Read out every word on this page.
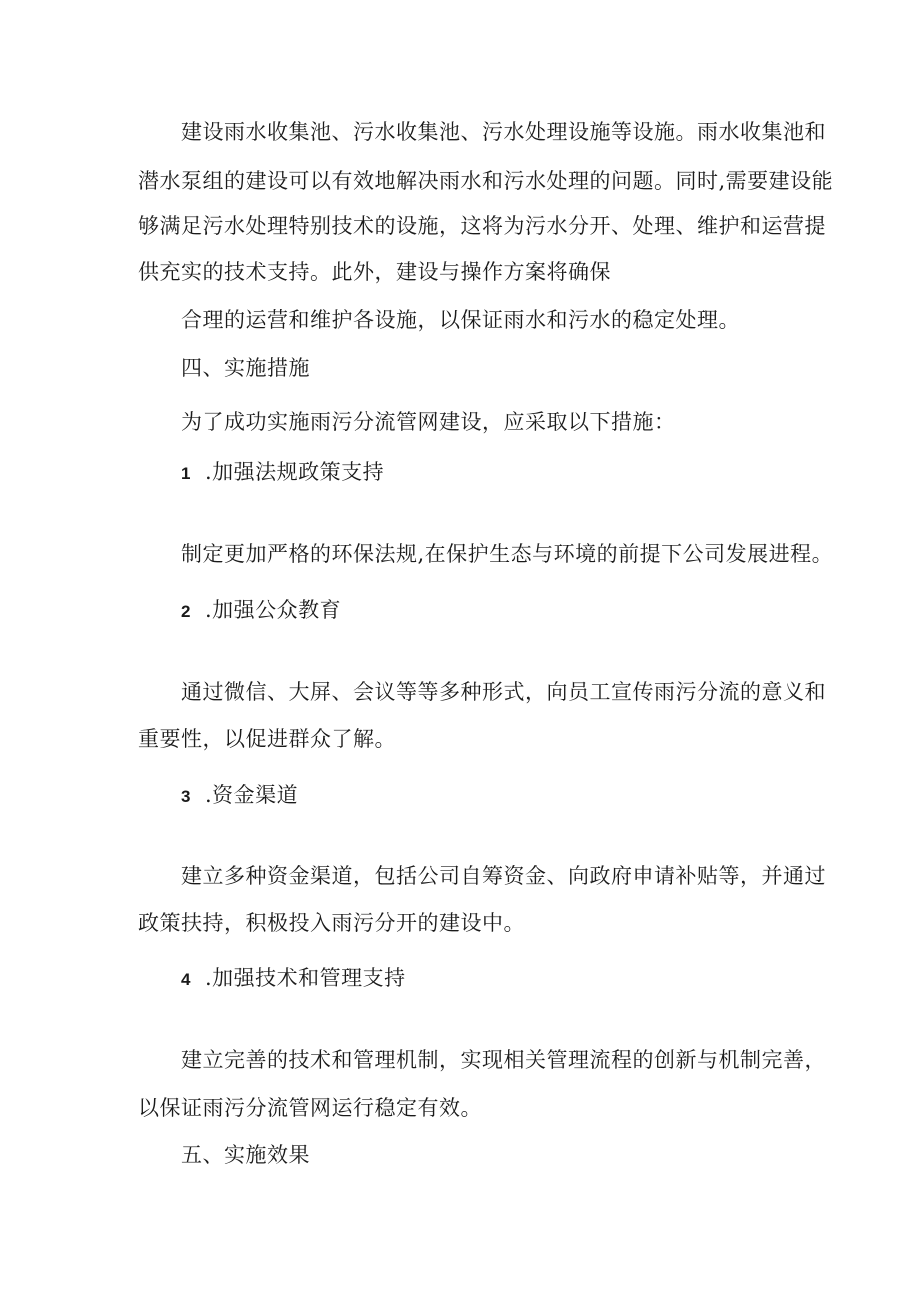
建设雨水收集池、污水收集池、污水处理设施等设施。雨水收集池和
潜水泵组的建设可以有效地解决雨水和污水处理的问题。同时,需要建设能
够满足污水处理特别技术的设施，这将为污水分开、处理、维护和运营提
供充实的技术支持。此外，建设与操作方案将确保
合理的运营和维护各设施，以保证雨水和污水的稳定处理。
四、实施措施
为了成功实施雨污分流管网建设，应采取以下措施：
1 .加强法规政策支持
制定更加严格的环保法规,在保护生态与环境的前提下公司发展进程。
2 .加强公众教育
通过微信、大屏、会议等等多种形式，向员工宣传雨污分流的意义和
重要性，以促进群众了解。
3 .资金渠道
建立多种资金渠道，包括公司自筹资金、向政府申请补贴等，并通过
政策扶持，积极投入雨污分开的建设中。
4 .加强技术和管理支持
建立完善的技术和管理机制，实现相关管理流程的创新与机制完善，
以保证雨污分流管网运行稳定有效。
五、实施效果
